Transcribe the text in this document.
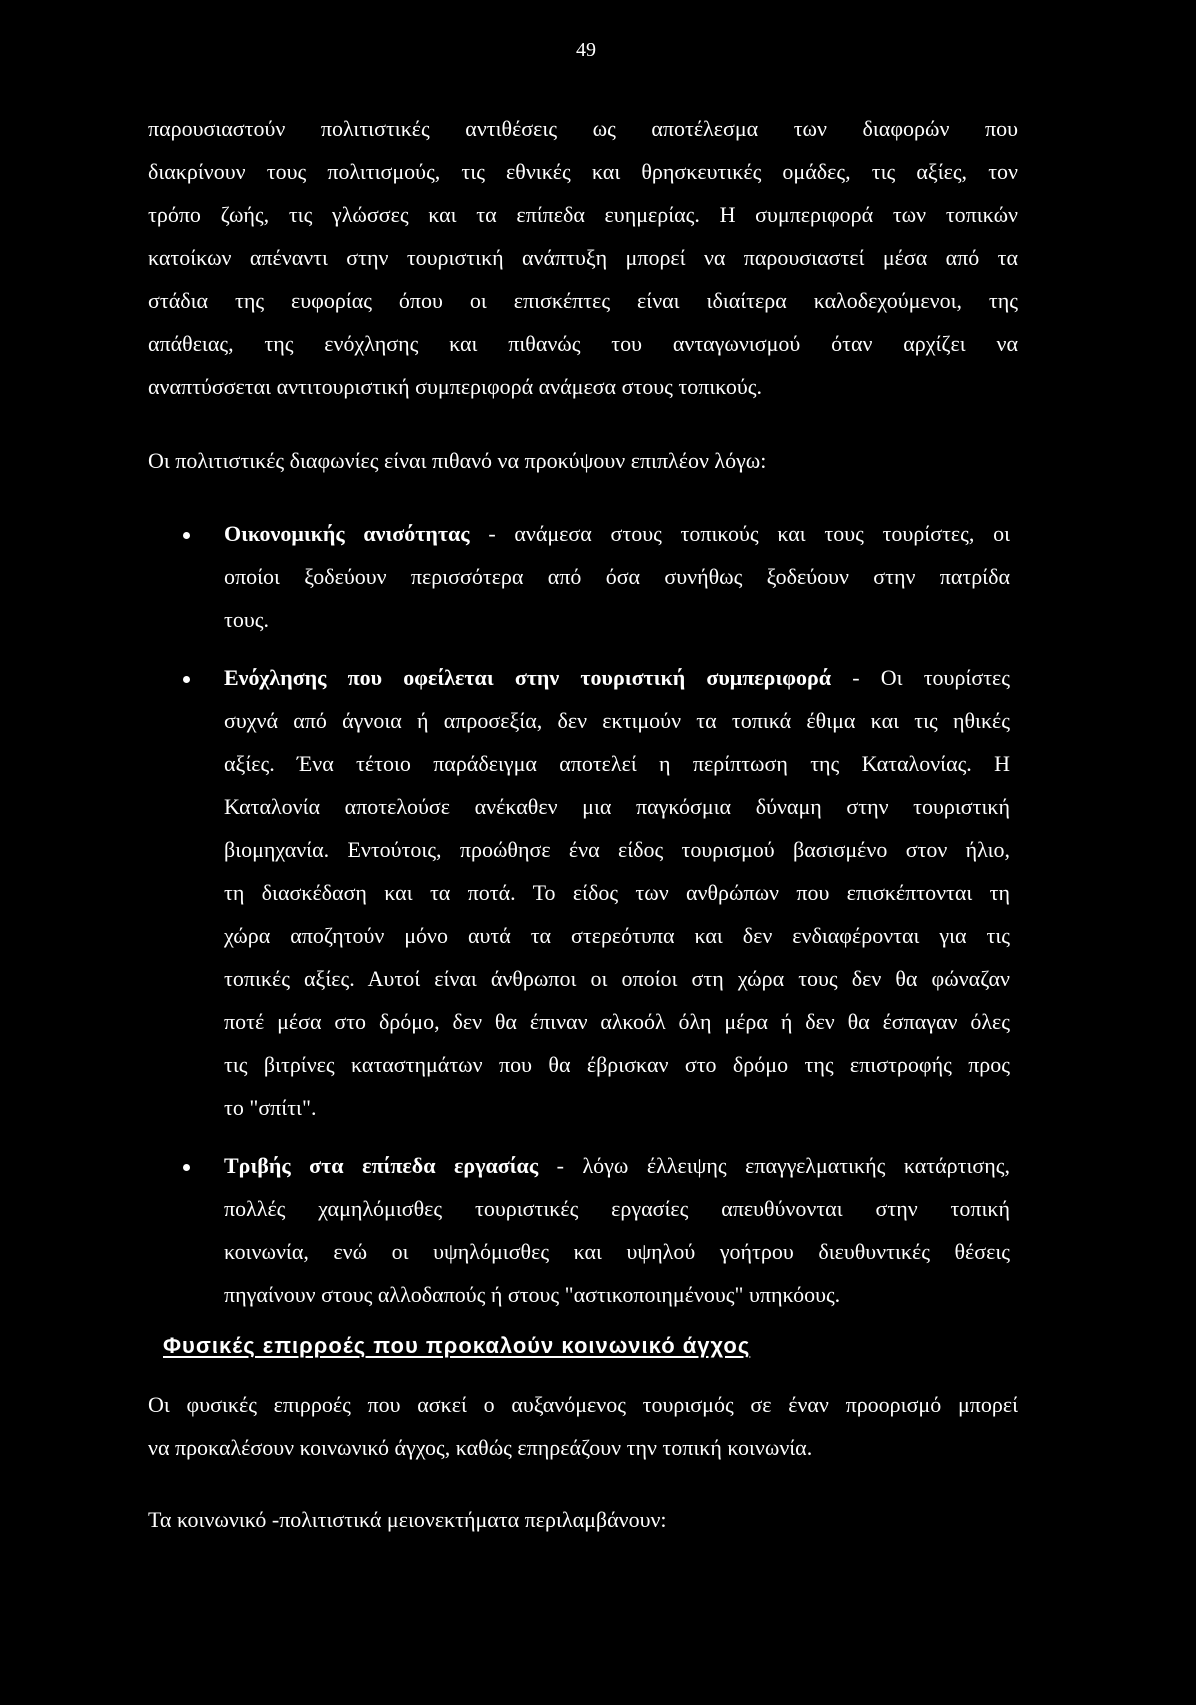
49
παρουσιαστούν πολιτιστικές αντιθέσεις ως αποτέλεσμα των διαφορών που
διακρίνουν τους πολιτισμούς, τις εθνικές και θρησκευτικές ομάδες, τις αξίες, τον
τρόπο ζωής, τις γλώσσες και τα επίπεδα ευημερίας. Η συμπεριφορά των τοπικών
κατοίκων απέναντι στην τουριστική ανάπτυξη μπορεί να παρουσιαστεί μέσα από τα
στάδια της ευφορίας όπου οι επισκέπτες είναι ιδιαίτερα καλοδεχούμενοι, της
απάθειας, της ενόχλησης και πιθανώς του ανταγωνισμού όταν αρχίζει να
αναπτύσσεται αντιτουριστική συμπεριφορά ανάμεσα στους τοπικούς.
Οι πολιτιστικές διαφωνίες είναι πιθανό να προκύψουν επιπλέον λόγω:
Οικονομικής ανισότητας - ανάμεσα στους τοπικούς και τους τουρίστες, οι
οποίοι ξοδεύουν περισσότερα από όσα συνήθως ξοδεύουν στην πατρίδα
τους.
Ενόχλησης που οφείλεται στην τουριστική συμπεριφορά - Οι τουρίστες
συχνά από άγνοια ή απροσεξία, δεν εκτιμούν τα τοπικά έθιμα και τις ηθικές
αξίες. Ένα τέτοιο παράδειγμα αποτελεί η περίπτωση της Καταλονίας. Η
Καταλονία αποτελούσε ανέκαθεν μια παγκόσμια δύναμη στην τουριστική
βιομηχανία. Εντούτοις, προώθησε ένα είδος τουρισμού βασισμένο στον ήλιο,
τη διασκέδαση και τα ποτά. Το είδος των ανθρώπων που επισκέπτονται τη
χώρα αποζητούν μόνο αυτά τα στερεότυπα και δεν ενδιαφέρονται για τις
τοπικές αξίες. Αυτοί είναι άνθρωποι οι οποίοι στη χώρα τους δεν θα φώναζαν
ποτέ μέσα στο δρόμο, δεν θα έπιναν αλκοόλ όλη μέρα ή δεν θα έσπαγαν όλες
τις βιτρίνες καταστημάτων που θα έβρισκαν στο δρόμο της επιστροφής προς
το "σπίτι".
Τριβής στα επίπεδα εργασίας - λόγω έλλειψης επαγγελματικής κατάρτισης,
πολλές χαμηλόμισθες τουριστικές εργασίες απευθύνονται στην τοπική
κοινωνία, ενώ οι υψηλόμισθες και υψηλού γοήτρου διευθυντικές θέσεις
πηγαίνουν στους αλλοδαπούς ή στους "αστικοποιημένους" υπηκόους.
Φυσικές επιρροές που προκαλούν κοινωνικό άγχος
Οι φυσικές επιρροές που ασκεί ο αυξανόμενος τουρισμός σε έναν προορισμό μπορεί
να προκαλέσουν κοινωνικό άγχος, καθώς επηρεάζουν την τοπική κοινωνία.
Τα κοινωνικό -πολιτιστικά μειονεκτήματα περιλαμβάνουν:
